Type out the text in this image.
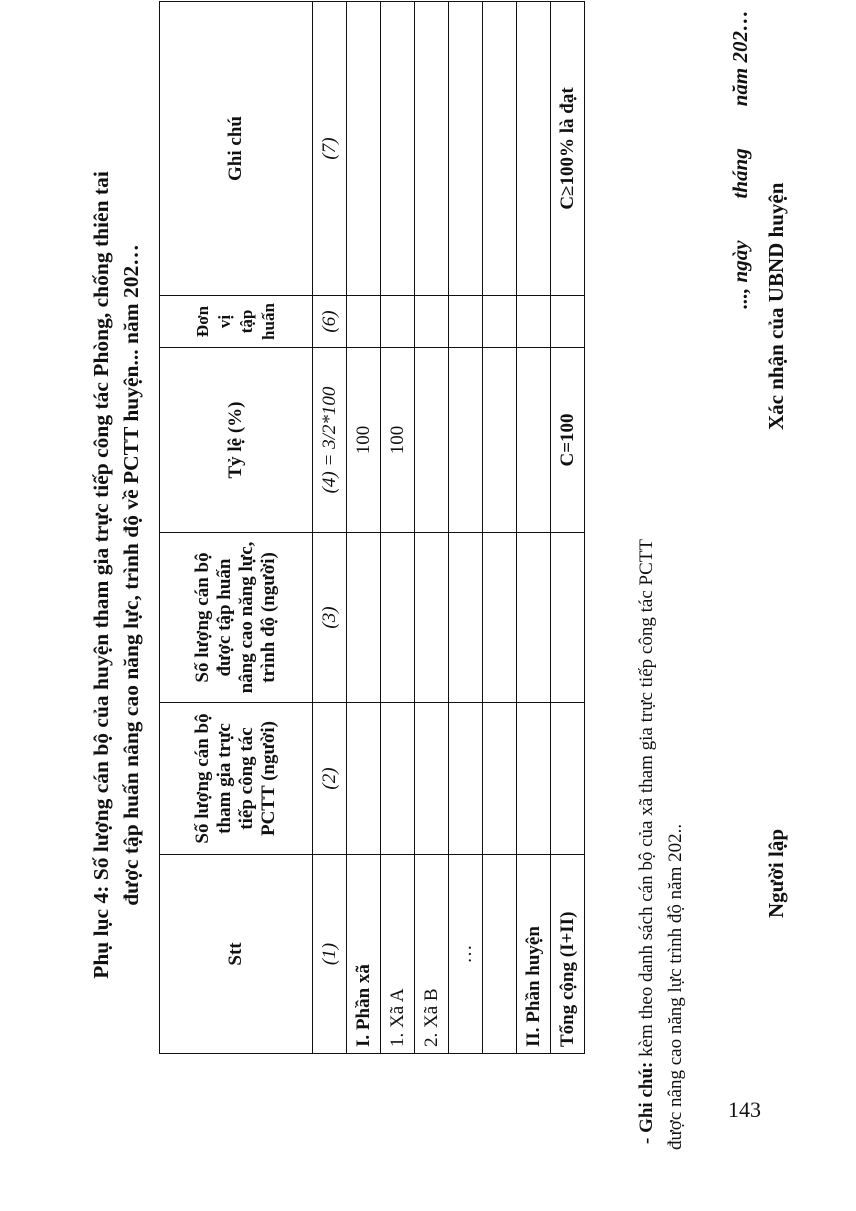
Phụ lục 4: Số lượng cán bộ của huyện tham gia trực tiếp công tác Phòng, chống thiên tai được tập huấn nâng cao năng lực, trình độ về PCTT huyện... năm 202…
Stt	Số lượng cán bộ tham gia trực tiếp công tác PCTT (người)	Số lượng cán bộ được tập huấn nâng cao năng lực, trình độ (người)	Tỷ lệ (%)	Đơn vị tập huấn	Ghi chú
(1)	(2)	(3)	(4) = 3/2*100	(6)	(7)
I. Phần xã			100		
1. Xã A			100		
2. Xã B					
…					

II. Phần huyện					
Tổng cộng (I+II)			C=100		C≥100% là đạt
- Ghi chú: kèm theo danh sách cán bộ của xã tham gia trực tiếp công tác PCTT được nâng cao năng lực trình độ năm 202..
..., ngày        tháng        năm 202…
Người lập
Xác nhận của UBND huyện
143
